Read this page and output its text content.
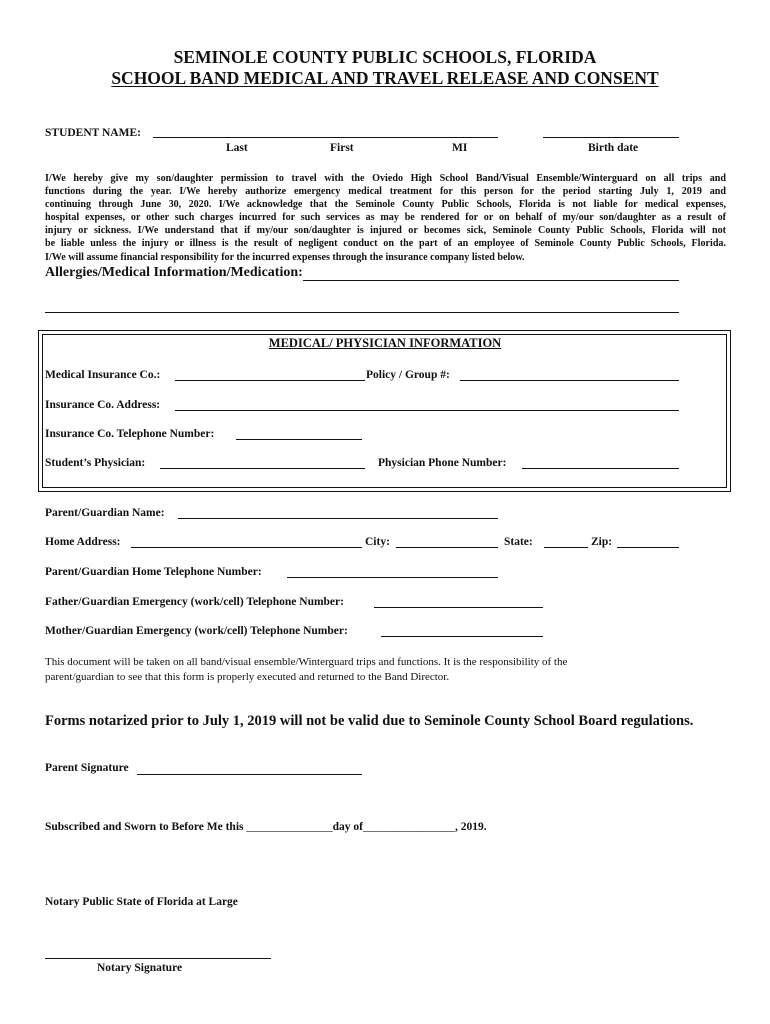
SEMINOLE COUNTY PUBLIC SCHOOLS, FLORIDA
SCHOOL BAND MEDICAL AND TRAVEL RELEASE AND CONSENT
STUDENT NAME:
Last	First	MI	Birth date

I/We hereby give my son/daughter permission to travel with the Oviedo High School Band/Visual Ensemble/Winterguard on all trips and

functions during the year. I/We hereby authorize emergency medical treatment for this person for the period starting July 1, 2019 and

continuing through June 30, 2020. I/We acknowledge that the Seminole County Public Schools, Florida is not liable for medical expenses,

hospital expenses, or other such charges incurred for such services as may be rendered for or on behalf of my/our son/daughter as a result of

injury or sickness. I/We understand that if my/our son/daughter is injured or becomes sick, Seminole County Public Schools, Florida will not

be liable unless the injury or illness is the result of negligent conduct on the part of an employee of Seminole County Public Schools, Florida.

I/We will assume financial responsibility for the incurred expenses through the insurance company listed below.

Allergies/Medical Information/Medication:
MEDICAL/ PHYSICIAN INFORMATION
Medical Insurance Co.:	Policy / Group #:
Insurance Co. Address:
Insurance Co. Telephone Number:
Student’s Physician:	Physician Phone Number:
Parent/Guardian Name:
Home Address:	City:	State:	Zip:
Parent/Guardian Home Telephone Number:
Father/Guardian Emergency (work/cell) Telephone Number:
Mother/Guardian Emergency (work/cell) Telephone Number:
This document will be taken on all band/visual ensemble/Winterguard trips and functions. It is the responsibility of the
parent/guardian to see that this form is properly executed and returned to the Band Director.
Forms notarized prior to July 1, 2019 will not be valid due to Seminole County School Board regulations.
Parent Signature
Subscribed and Sworn to Before Me this _______________day of________________, 2019.
Notary Public State of Florida at Large
Notary Signature
